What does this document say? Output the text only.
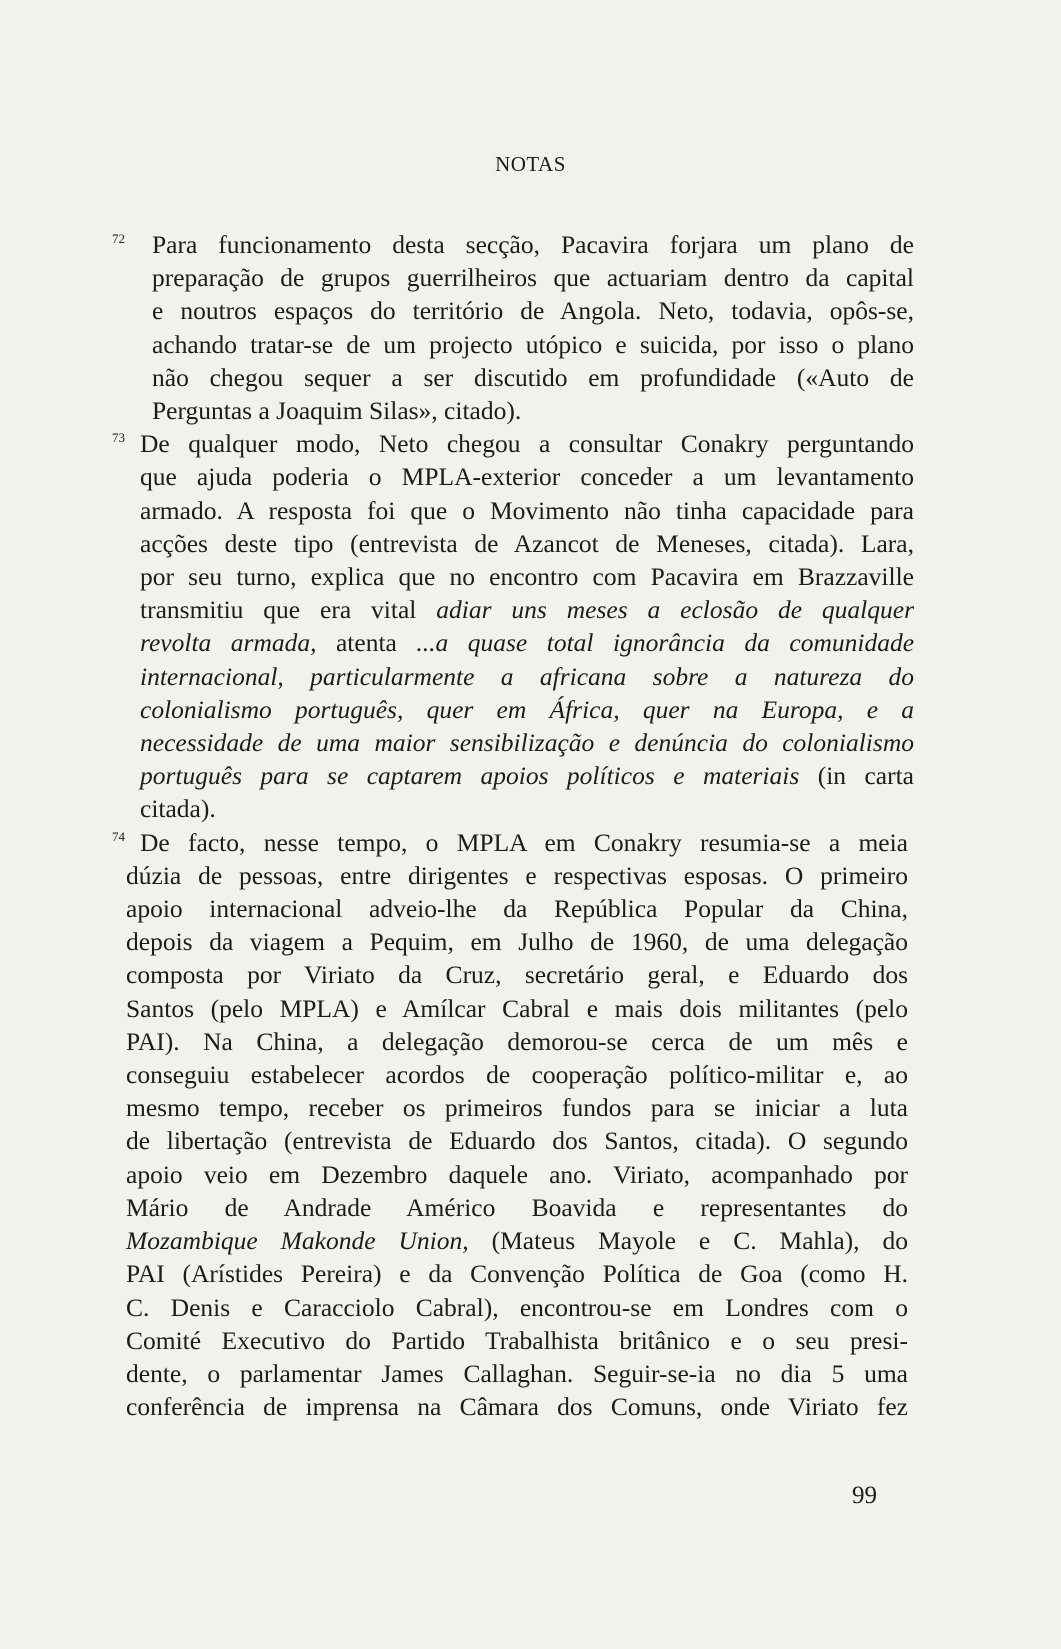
NOTAS
72 Para funcionamento desta secção, Pacavira forjara um plano de
preparação de grupos guerrilheiros que actuariam dentro da capital
e noutros espaços do território de Angola. Neto, todavia, opôs-se,
achando tratar-se de um projecto utópico e suicida, por isso o plano
não chegou sequer a ser discutido em profundidade («Auto de
Perguntas a Joaquim Silas», citado).
73 De qualquer modo, Neto chegou a consultar Conakry perguntando
que ajuda poderia o MPLA-exterior conceder a um levantamento
armado. A resposta foi que o Movimento não tinha capacidade para
acções deste tipo (entrevista de Azancot de Meneses, citada). Lara,
por seu turno, explica que no encontro com Pacavira em Brazzaville
transmitiu que era vital adiar uns meses a eclosão de qualquer
revolta armada, atenta ...a quase total ignorância da comunidade
internacional, particularmente a africana sobre a natureza do
colonialismo português, quer em África, quer na Europa, e a
necessidade de uma maior sensibilização e denúncia do colonialismo
português para se captarem apoios políticos e materiais (in carta
citada).
74 De facto, nesse tempo, o MPLA em Conakry resumia-se a meia
dúzia de pessoas, entre dirigentes e respectivas esposas. O primeiro
apoio internacional adveio-lhe da República Popular da China,
depois da viagem a Pequim, em Julho de 1960, de uma delegação
composta por Viriato da Cruz, secretário geral, e Eduardo dos
Santos (pelo MPLA) e Amílcar Cabral e mais dois militantes (pelo
PAI). Na China, a delegação demorou-se cerca de um mês e
conseguiu estabelecer acordos de cooperação político-militar e, ao
mesmo tempo, receber os primeiros fundos para se iniciar a luta
de libertação (entrevista de Eduardo dos Santos, citada). O segundo
apoio veio em Dezembro daquele ano. Viriato, acompanhado por
Mário de Andrade Américo Boavida e representantes do
Mozambique Makonde Union, (Mateus Mayole e C. Mahla), do
PAI (Arístides Pereira) e da Convenção Política de Goa (como H.
C. Denis e Caracciolo Cabral), encontrou-se em Londres com o
Comité Executivo do Partido Trabalhista britânico e o seu presi-
dente, o parlamentar James Callaghan. Seguir-se-ia no dia 5 uma
conferência de imprensa na Câmara dos Comuns, onde Viriato fez
99
